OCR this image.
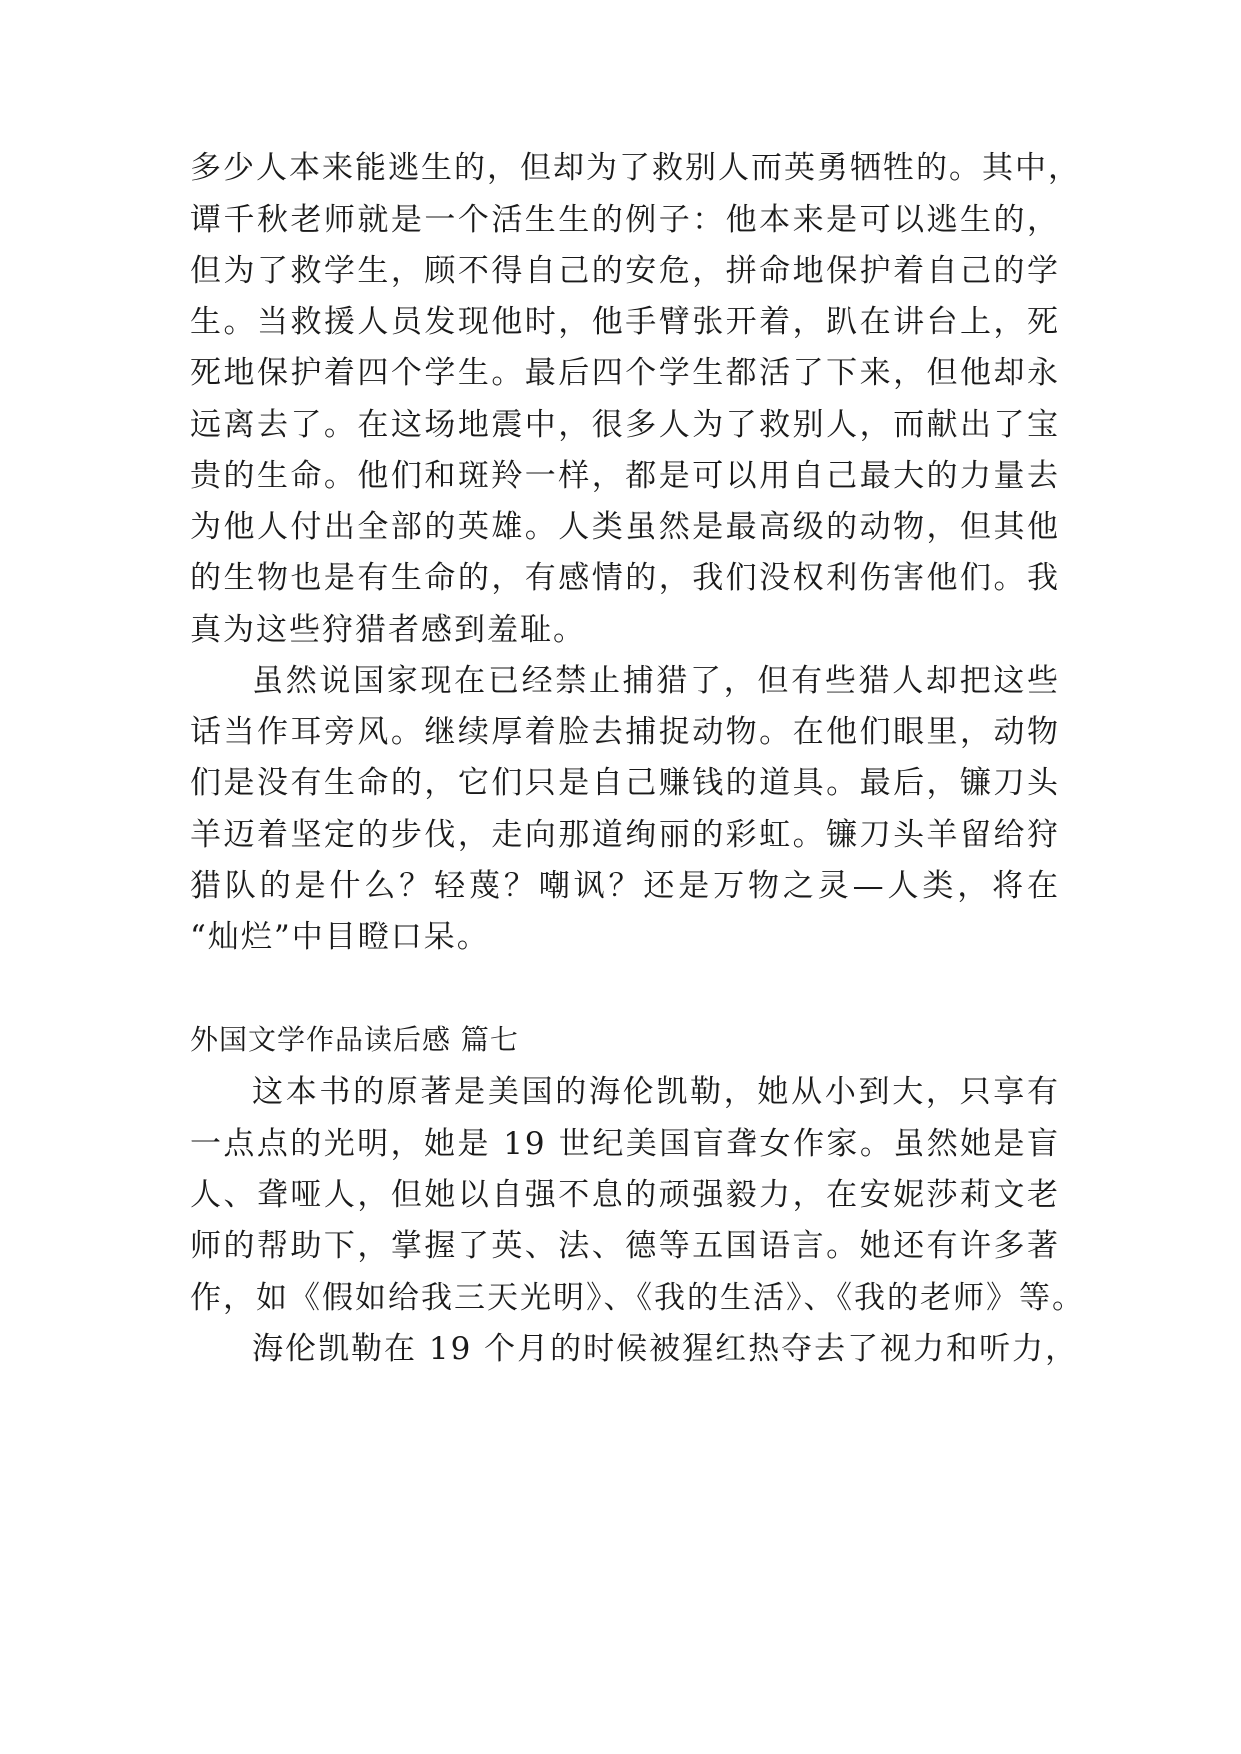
多少人本来能逃生的，但却为了救别人而英勇牺牲的。其中，
谭千秋老师就是一个活生生的例子：他本来是可以逃生的，
但为了救学生，顾不得自己的安危，拼命地保护着自己的学
生。当救援人员发现他时，他手臂张开着，趴在讲台上，死
死地保护着四个学生。最后四个学生都活了下来，但他却永
远离去了。在这场地震中，很多人为了救别人，而献出了宝
贵的生命。他们和斑羚一样，都是可以用自己最大的力量去
为他人付出全部的英雄。人类虽然是最高级的动物，但其他
的生物也是有生命的，有感情的，我们没权利伤害他们。我
真为这些狩猎者感到羞耻。
虽然说国家现在已经禁止捕猎了，但有些猎人却把这些
话当作耳旁风。继续厚着脸去捕捉动物。在他们眼里，动物
们是没有生命的，它们只是自己赚钱的道具。最后，镰刀头
羊迈着坚定的步伐，走向那道绚丽的彩虹。镰刀头羊留给狩
猎队的是什么？轻蔑？嘲讽？还是万物之灵—人类，将在
“灿烂”中目瞪口呆。
外国文学作品读后感 篇七
这本书的原著是美国的海伦凯勒，她从小到大，只享有
一点点的光明，她是 19 世纪美国盲聋女作家。虽然她是盲
人、聋哑人，但她以自强不息的顽强毅力，在安妮莎莉文老
师的帮助下，掌握了英、法、德等五国语言。她还有许多著
作，如《假如给我三天光明》、《我的生活》、《我的老师》等。
海伦凯勒在 19 个月的时候被猩红热夺去了视力和听力，
